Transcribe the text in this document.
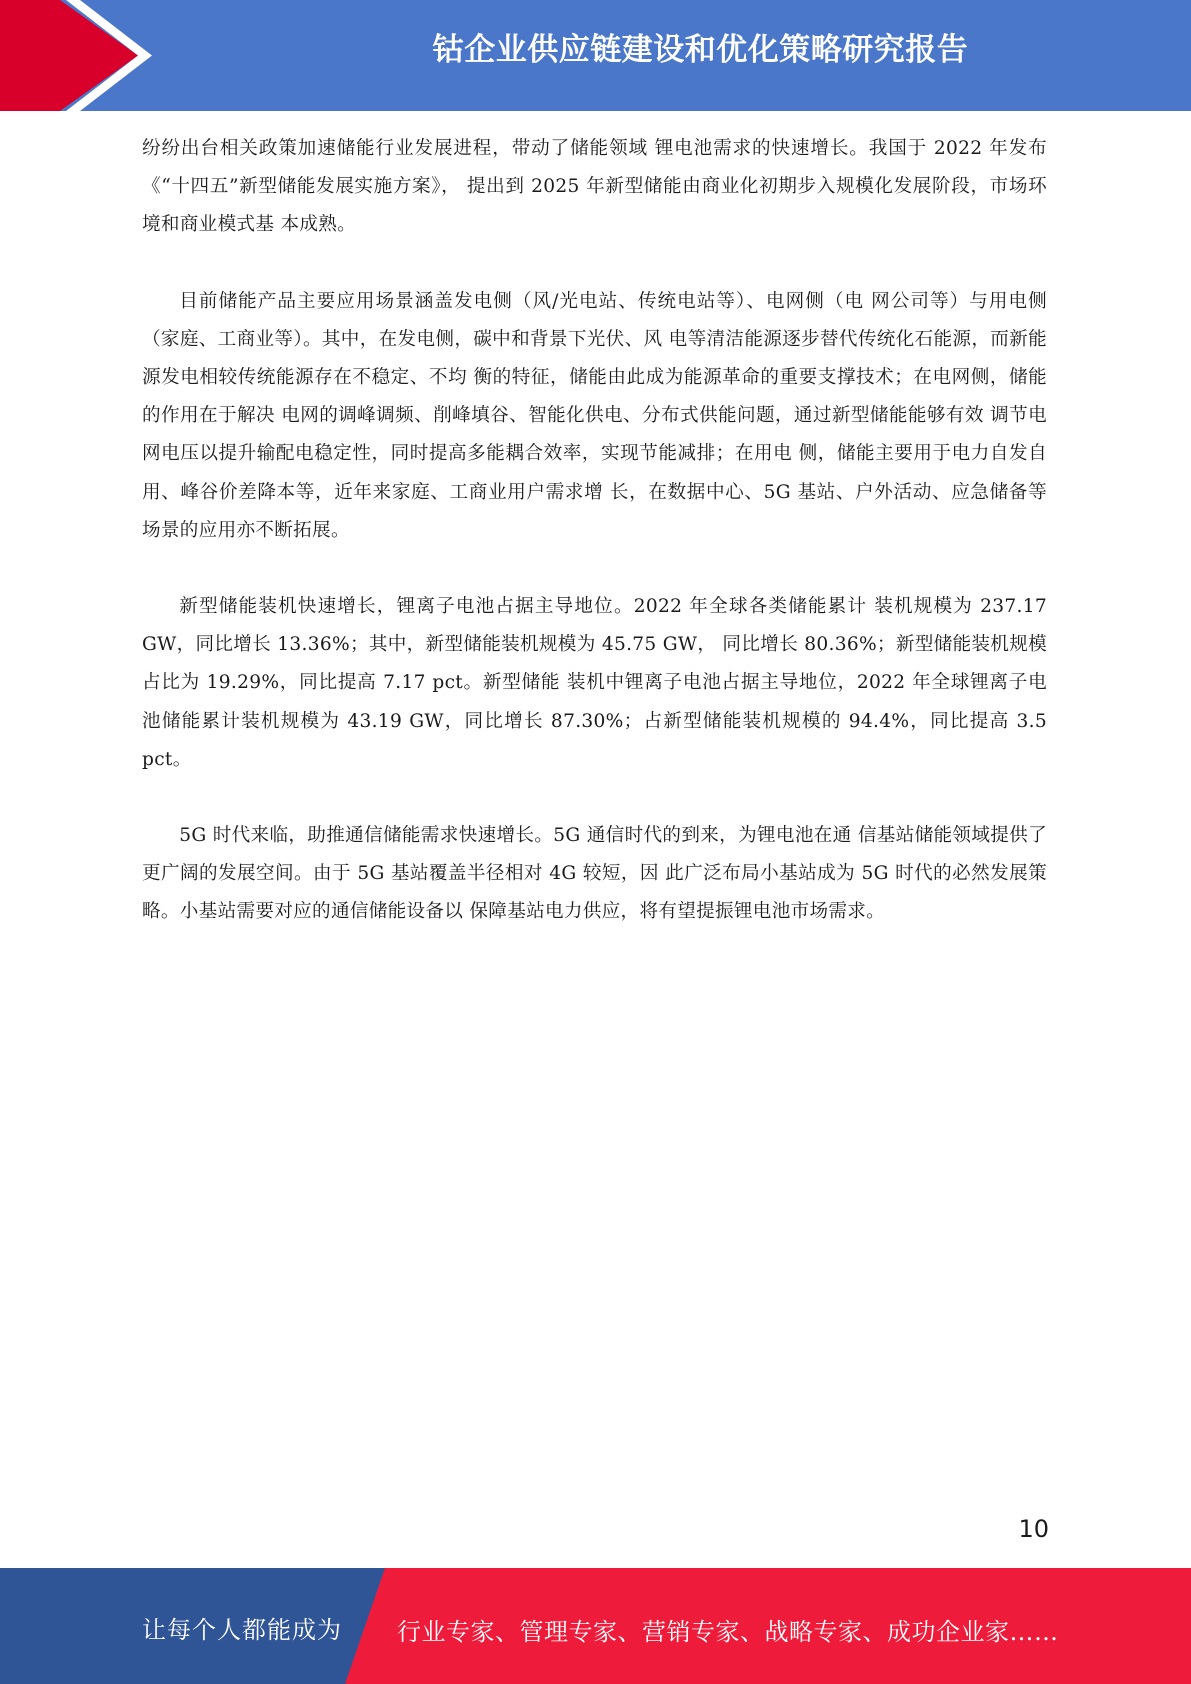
钴企业供应链建设和优化策略研究报告

纷纷出台相关政策加速储能行业发展进程，带动了储能领域 锂电池需求的快速增长。我国于 2022 年发布《“十四五”新型储能发展实施方案》， 提出到 2025 年新型储能由商业化初期步入规模化发展阶段，市场环境和商业模式基 本成熟。

目前储能产品主要应用场景涵盖发电侧（风/光电站、传统电站等）、电网侧（电 网公司等）与用电侧（家庭、工商业等）。其中，在发电侧，碳中和背景下光伏、风 电等清洁能源逐步替代传统化石能源，而新能源发电相较传统能源存在不稳定、不均 衡的特征，储能由此成为能源革命的重要支撑技术；在电网侧，储能的作用在于解决 电网的调峰调频、削峰填谷、智能化供电、分布式供能问题，通过新型储能能够有效 调节电网电压以提升输配电稳定性，同时提高多能耦合效率，实现节能减排；在用电 侧，储能主要用于电力自发自用、峰谷价差降本等，近年来家庭、工商业用户需求增 长，在数据中心、5G 基站、户外活动、应急储备等场景的应用亦不断拓展。

新型储能装机快速增长，锂离子电池占据主导地位。2022 年全球各类储能累计 装机规模为 237.17 GW，同比增长 13.36%；其中，新型储能装机规模为 45.75 GW， 同比增长 80.36%；新型储能装机规模占比为 19.29%，同比提高 7.17 pct。新型储能 装机中锂离子电池占据主导地位，2022 年全球锂离子电池储能累计装机规模为 43.19 GW，同比增长 87.30%；占新型储能装机规模的 94.4%，同比提高 3.5 pct。

5G 时代来临，助推通信储能需求快速增长。5G 通信时代的到来，为锂电池在通 信基站储能领域提供了更广阔的发展空间。由于 5G 基站覆盖半径相对 4G 较短，因 此广泛布局小基站成为 5G 时代的必然发展策略。小基站需要对应的通信储能设备以 保障基站电力供应，将有望提振锂电池市场需求。

10
让每个人都能成为 行业专家、管理专家、营销专家、战略专家、成功企业家……
